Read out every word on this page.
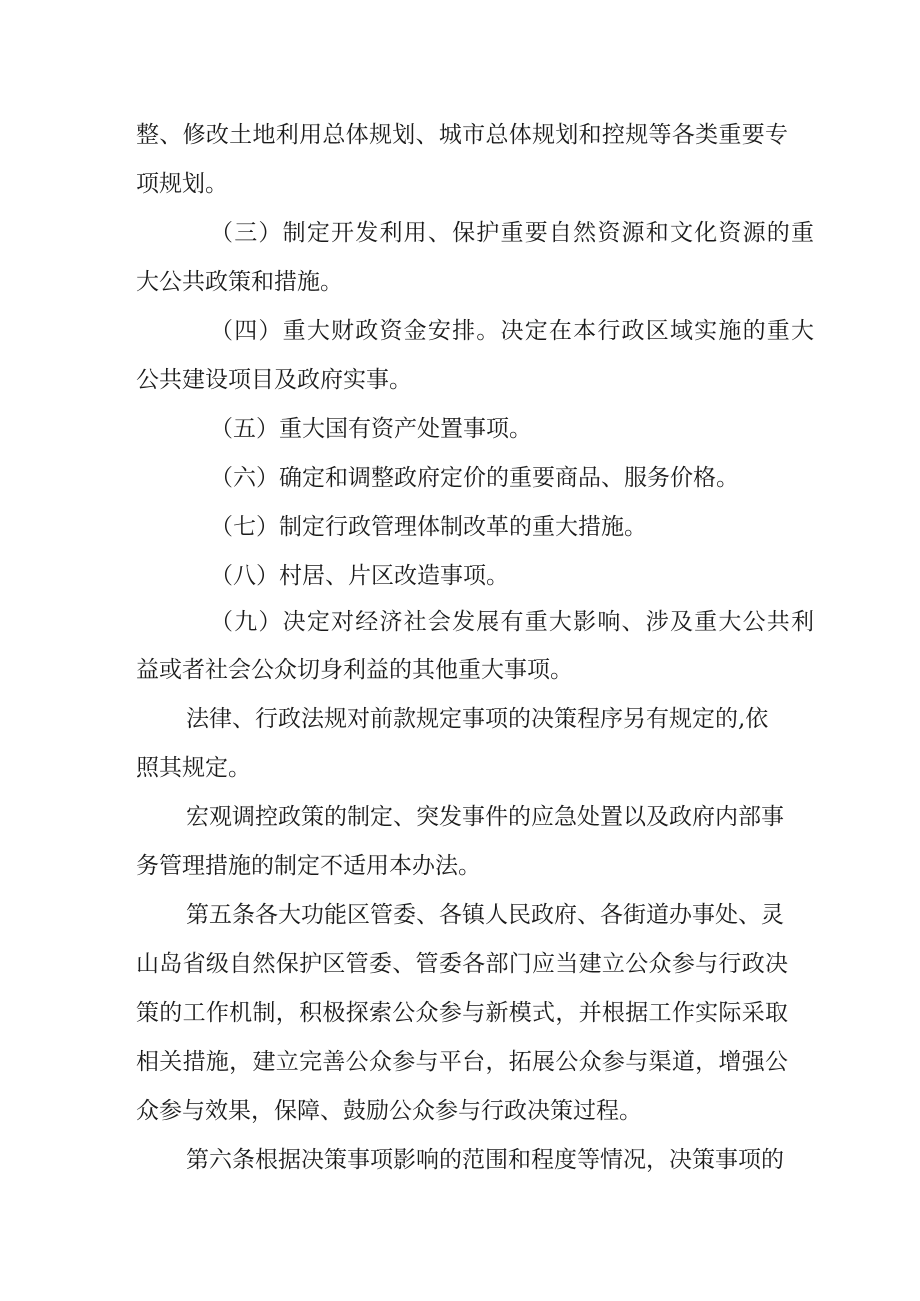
整、修改土地利用总体规划、城市总体规划和控规等各类重要专

项规划。

（三）制定开发利用、保护重要自然资源和文化资源的重

大公共政策和措施。

（四）重大财政资金安排。决定在本行政区域实施的重大

公共建设项目及政府实事。

（五）重大国有资产处置事项。

（六）确定和调整政府定价的重要商品、服务价格。

（七）制定行政管理体制改革的重大措施。

（八）村居、片区改造事项。

（九）决定对经济社会发展有重大影响、涉及重大公共利

益或者社会公众切身利益的其他重大事项。

法律、行政法规对前款规定事项的决策程序另有规定的,依

照其规定。

宏观调控政策的制定、突发事件的应急处置以及政府内部事

务管理措施的制定不适用本办法。

第五条各大功能区管委、各镇人民政府、各街道办事处、灵

山岛省级自然保护区管委、管委各部门应当建立公众参与行政决

策的工作机制，积极探索公众参与新模式，并根据工作实际采取

相关措施，建立完善公众参与平台，拓展公众参与渠道，增强公

众参与效果，保障、鼓励公众参与行政决策过程。

第六条根据决策事项影响的范围和程度等情况，决策事项的
